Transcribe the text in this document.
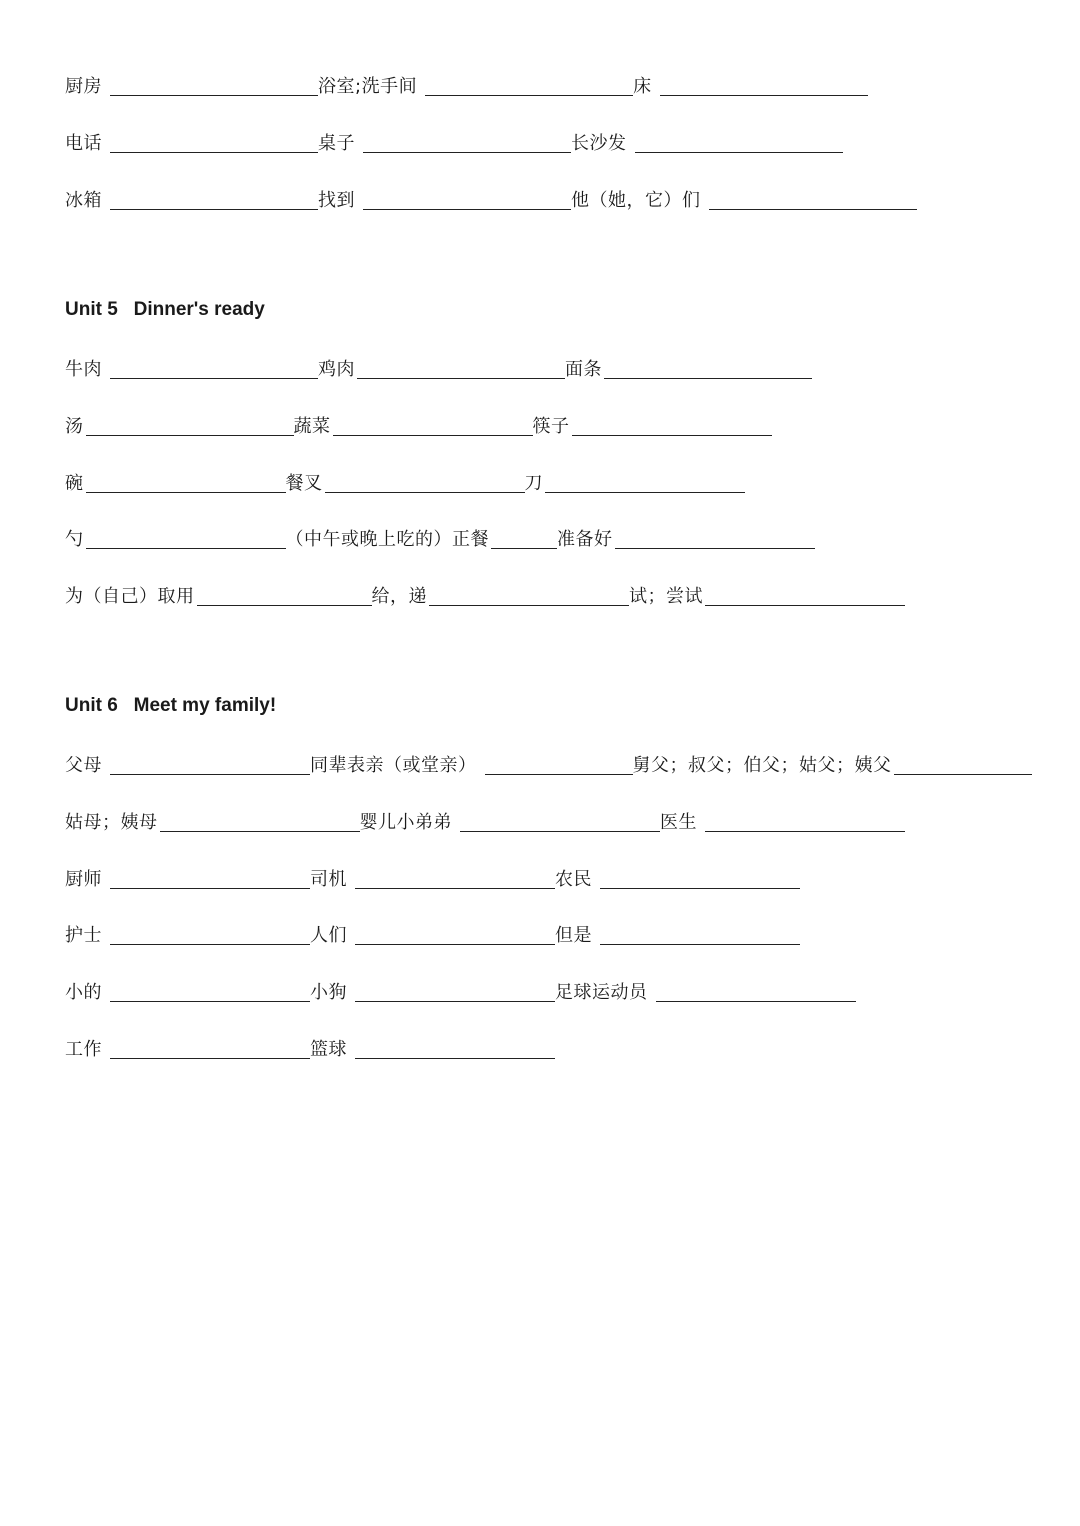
厨房	浴室;洗手间	床
电话	桌子	长沙发
冰箱	找到	他（她，它）们
Unit 5   Dinner's ready
牛肉	鸡肉	面条
汤	蔬菜	筷子
碗	餐叉	刀
勺	（中午或晚上吃的）正餐	准备好
为（自己）取用	给，递	试；尝试
Unit 6   Meet my family!
父母	同辈表亲（或堂亲）	舅父；叔父；伯父；姑父；姨父
姑母；姨母	婴儿小弟弟	医生
厨师	司机	农民
护士	人们	但是
小的	小狗	足球运动员
工作	篮球
